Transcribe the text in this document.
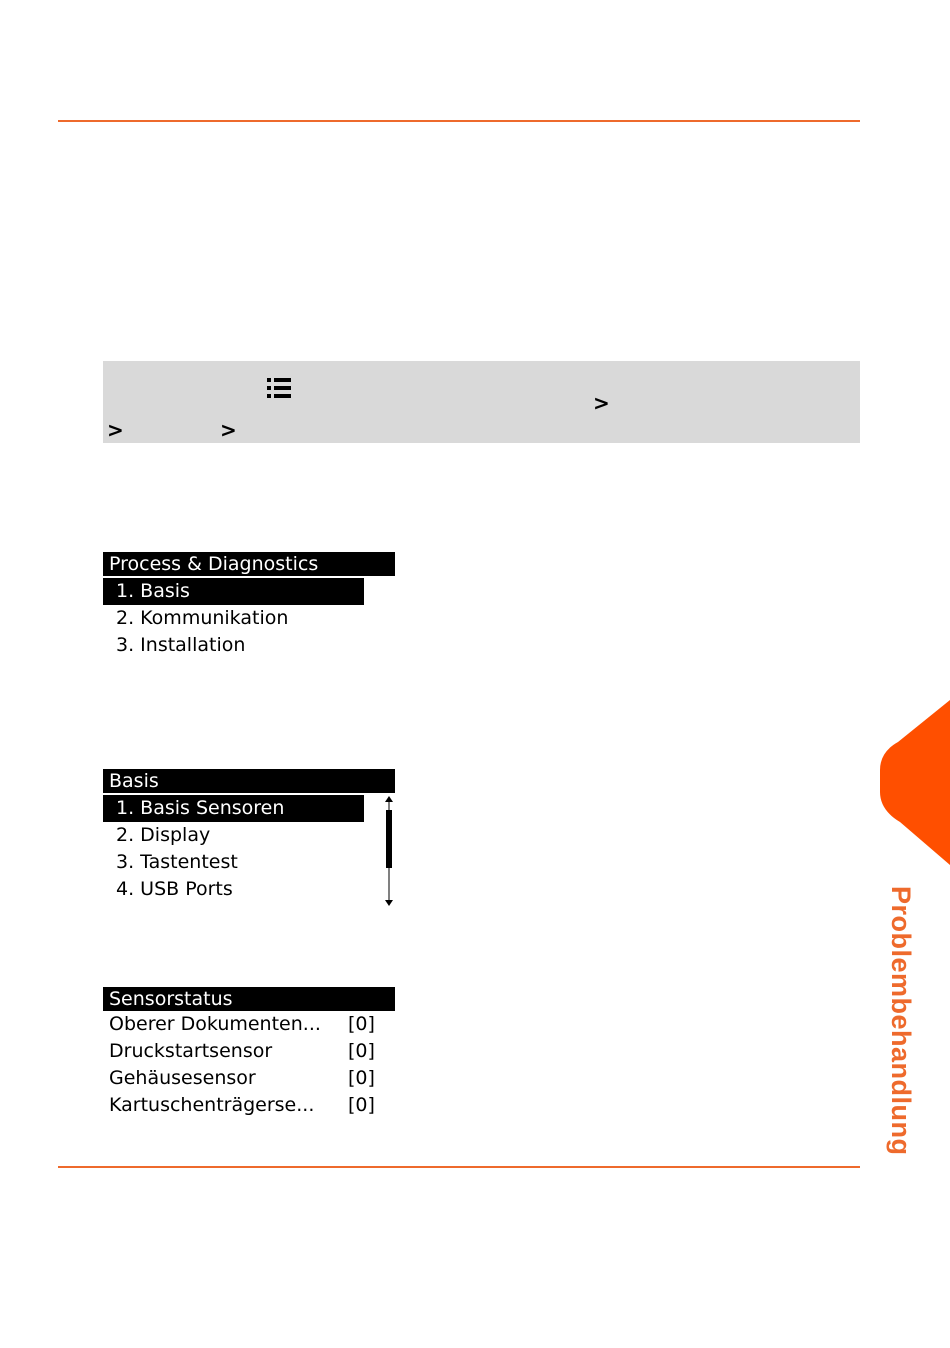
>
>	>
Process & Diagnostics
1. Basis
2. Kommunikation
3. Installation
Basis
1. Basis Sensoren
2. Display
3. Tastentest
4. USB Ports
Sensorstatus
Oberer Dokumenten... [0]
Druckstartsensor	[0]
Gehäusesensor	[0]
Kartuschenträgerse... [0]	Problembehandlung
